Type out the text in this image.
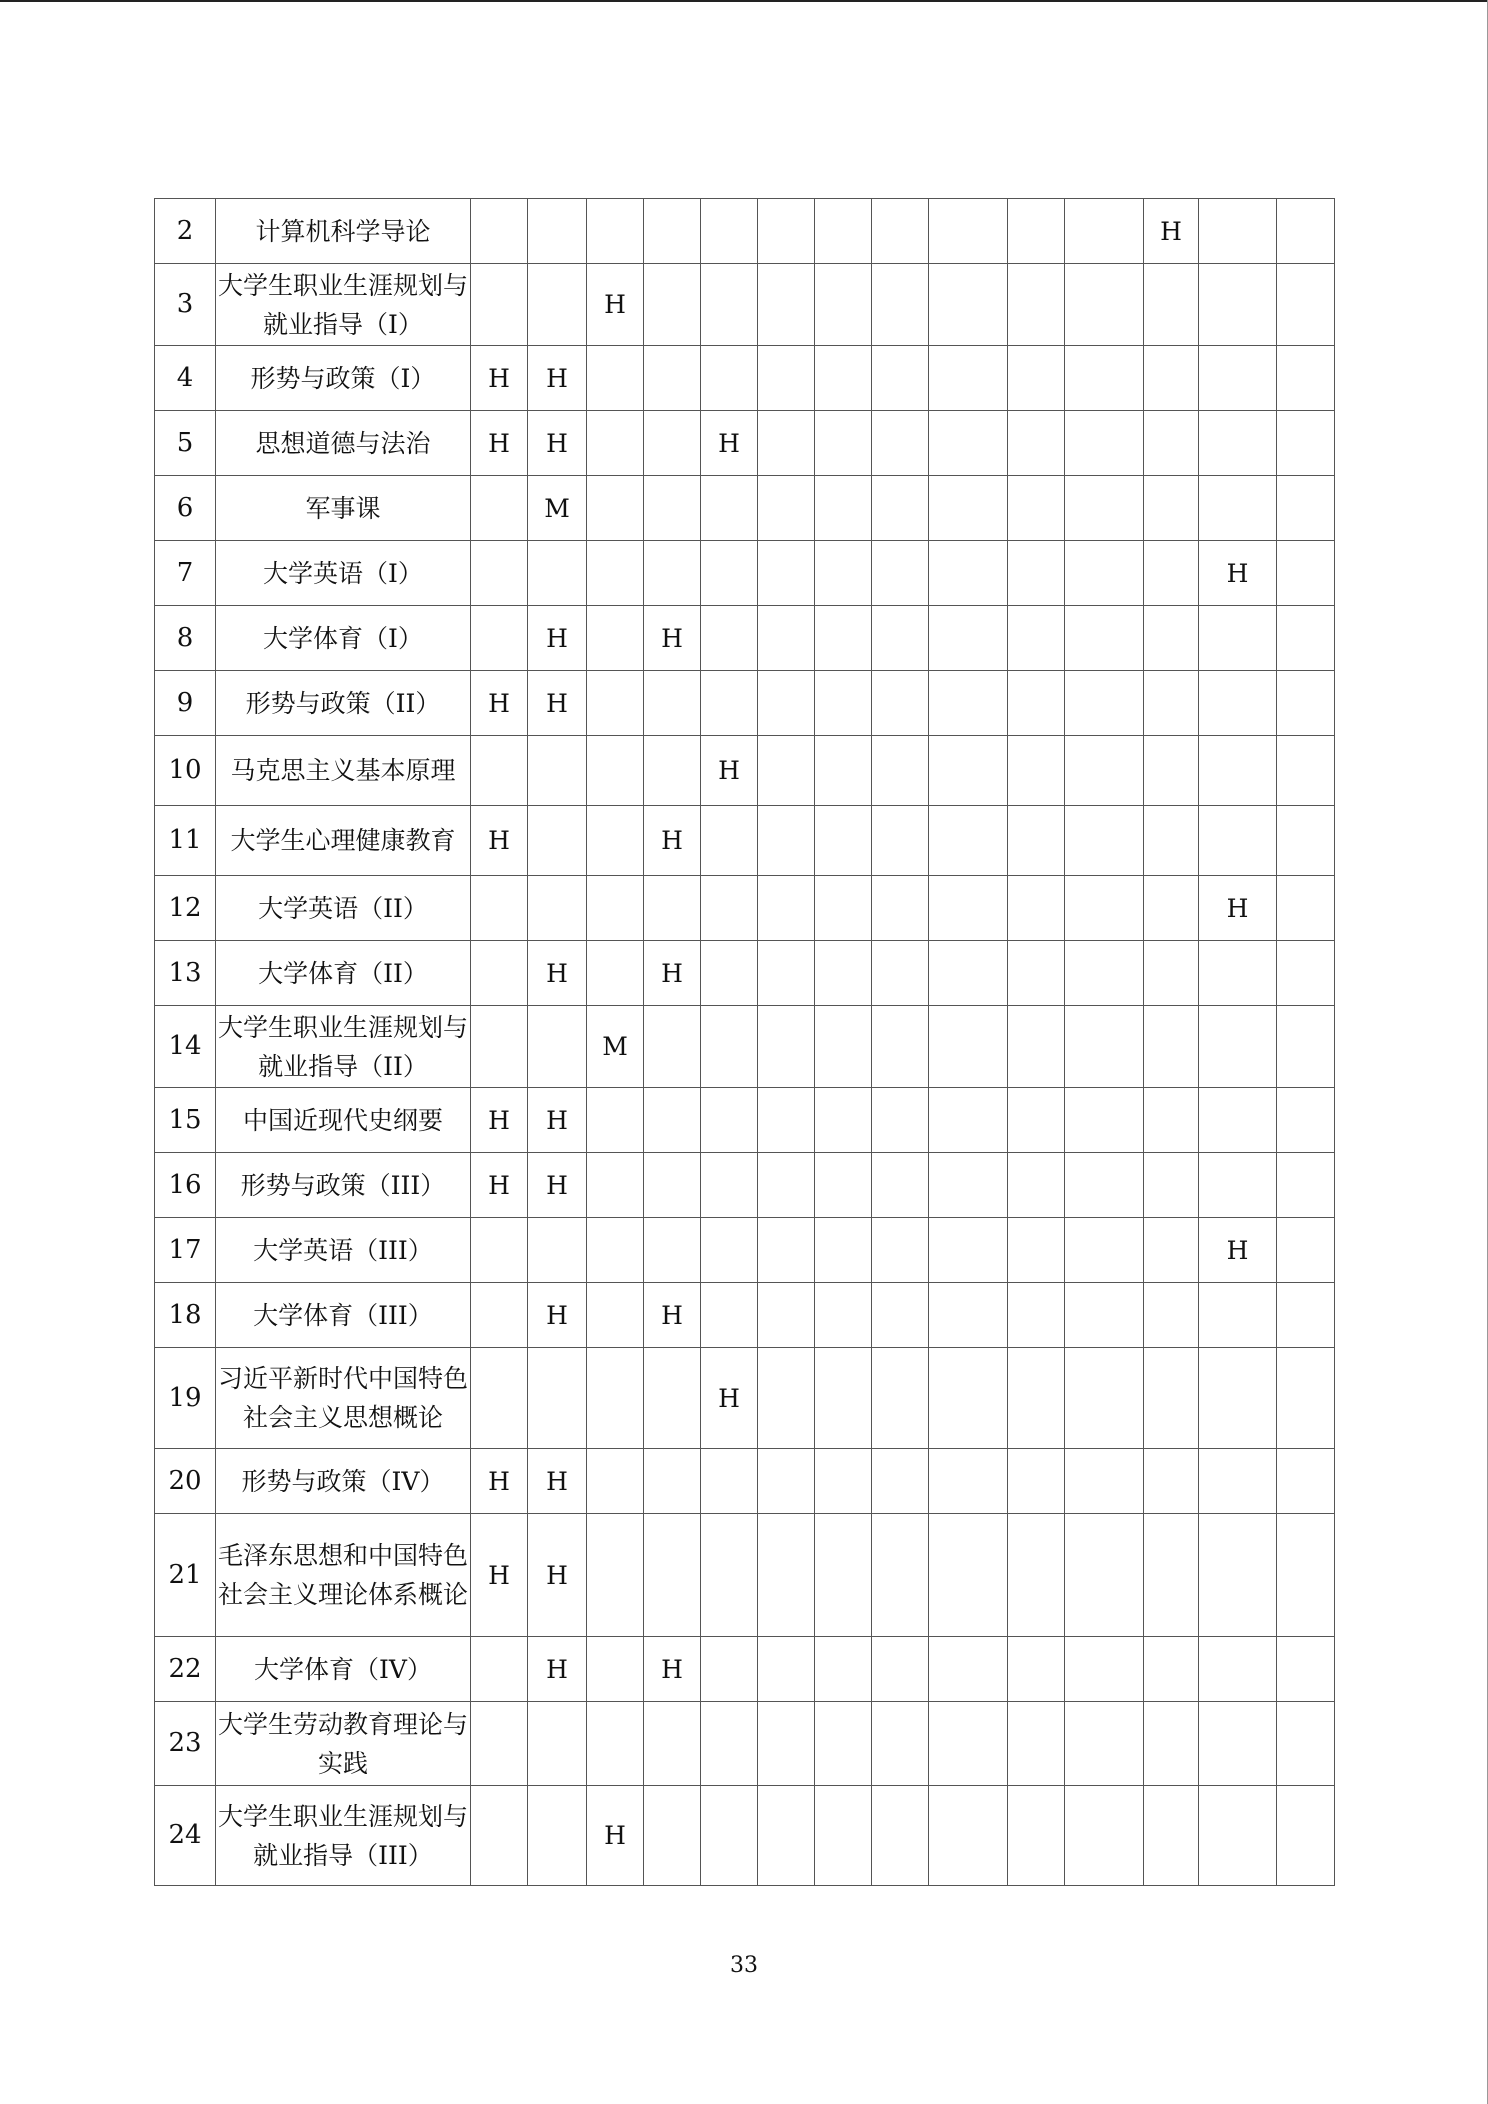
2	计算机科学导论												H		
3	大学生职业生涯规划与就业指导（I）			H											
4	形势与政策（I）	H	H												
5	思想道德与法治	H	H			H									
6	军事课		M												
7	大学英语（I）													H	
8	大学体育（I）		H		H										
9	形势与政策（II）	H	H												
10	马克思主义基本原理					H									
11	大学生心理健康教育	H			H										
12	大学英语（II）													H	
13	大学体育（II）		H		H										
14	大学生职业生涯规划与就业指导（II）			M											
15	中国近现代史纲要	H	H												
16	形势与政策（III）	H	H												
17	大学英语（III）													H	
18	大学体育（III）		H		H										
19	习近平新时代中国特色社会主义思想概论					H									
20	形势与政策（IV）	H	H												
21	毛泽东思想和中国特色社会主义理论体系概论	H	H												
22	大学体育（IV）		H		H										
23	大学生劳动教育理论与实践														
24	大学生职业生涯规划与就业指导（III）			H											
33
